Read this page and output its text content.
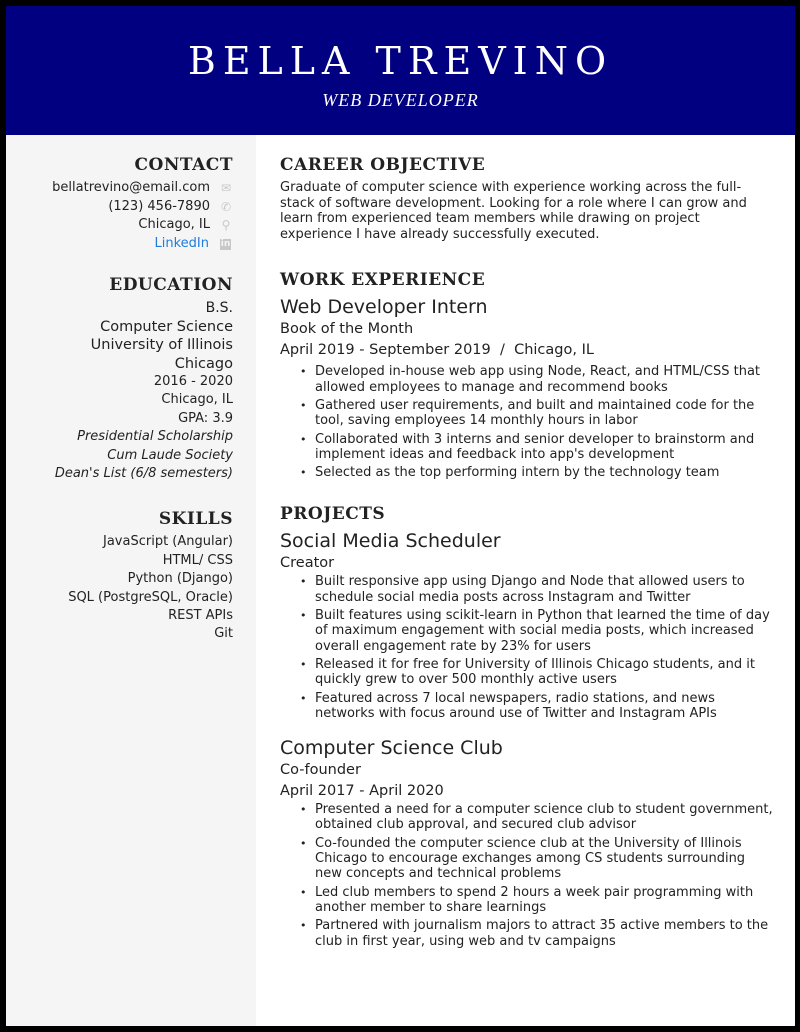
BELLA TREVINO
WEB DEVELOPER
CONTACT
bellatrevino@email.com ✉
(123) 456-7890 ✆
Chicago, IL ⚲
LinkedIn in
EDUCATION
B.S.
Computer Science
University of Illinois
Chicago
2016 - 2020
Chicago, IL
GPA: 3.9
Presidential Scholarship
Cum Laude Society
Dean's List (6/8 semesters)
SKILLS
JavaScript (Angular)
HTML/ CSS
Python (Django)
SQL (PostgreSQL, Oracle)
REST APIs
Git
CAREER OBJECTIVE
Graduate of computer science with experience working across the full-stack of software development. Looking for a role where I can grow and learn from experienced team members while drawing on project experience I have already successfully executed.
WORK EXPERIENCE
Web Developer Intern
Book of the Month
April 2019 - September 2019  /  Chicago, IL
• Developed in-house web app using Node, React, and HTML/CSS that allowed employees to manage and recommend books
• Gathered user requirements, and built and maintained code for the tool, saving employees 14 monthly hours in labor
• Collaborated with 3 interns and senior developer to brainstorm and implement ideas and feedback into app's development
• Selected as the top performing intern by the technology team
PROJECTS
Social Media Scheduler
Creator
• Built responsive app using Django and Node that allowed users to schedule social media posts across Instagram and Twitter
• Built features using scikit-learn in Python that learned the time of day of maximum engagement with social media posts, which increased overall engagement rate by 23% for users
• Released it for free for University of Illinois Chicago students, and it quickly grew to over 500 monthly active users
• Featured across 7 local newspapers, radio stations, and news networks with focus around use of Twitter and Instagram APIs
Computer Science Club
Co-founder
April 2017 - April 2020
• Presented a need for a computer science club to student government, obtained club approval, and secured club advisor
• Co-founded the computer science club at the University of Illinois Chicago to encourage exchanges among CS students surrounding new concepts and technical problems
• Led club members to spend 2 hours a week pair programming with another member to share learnings
• Partnered with journalism majors to attract 35 active members to the club in first year, using web and tv campaigns
